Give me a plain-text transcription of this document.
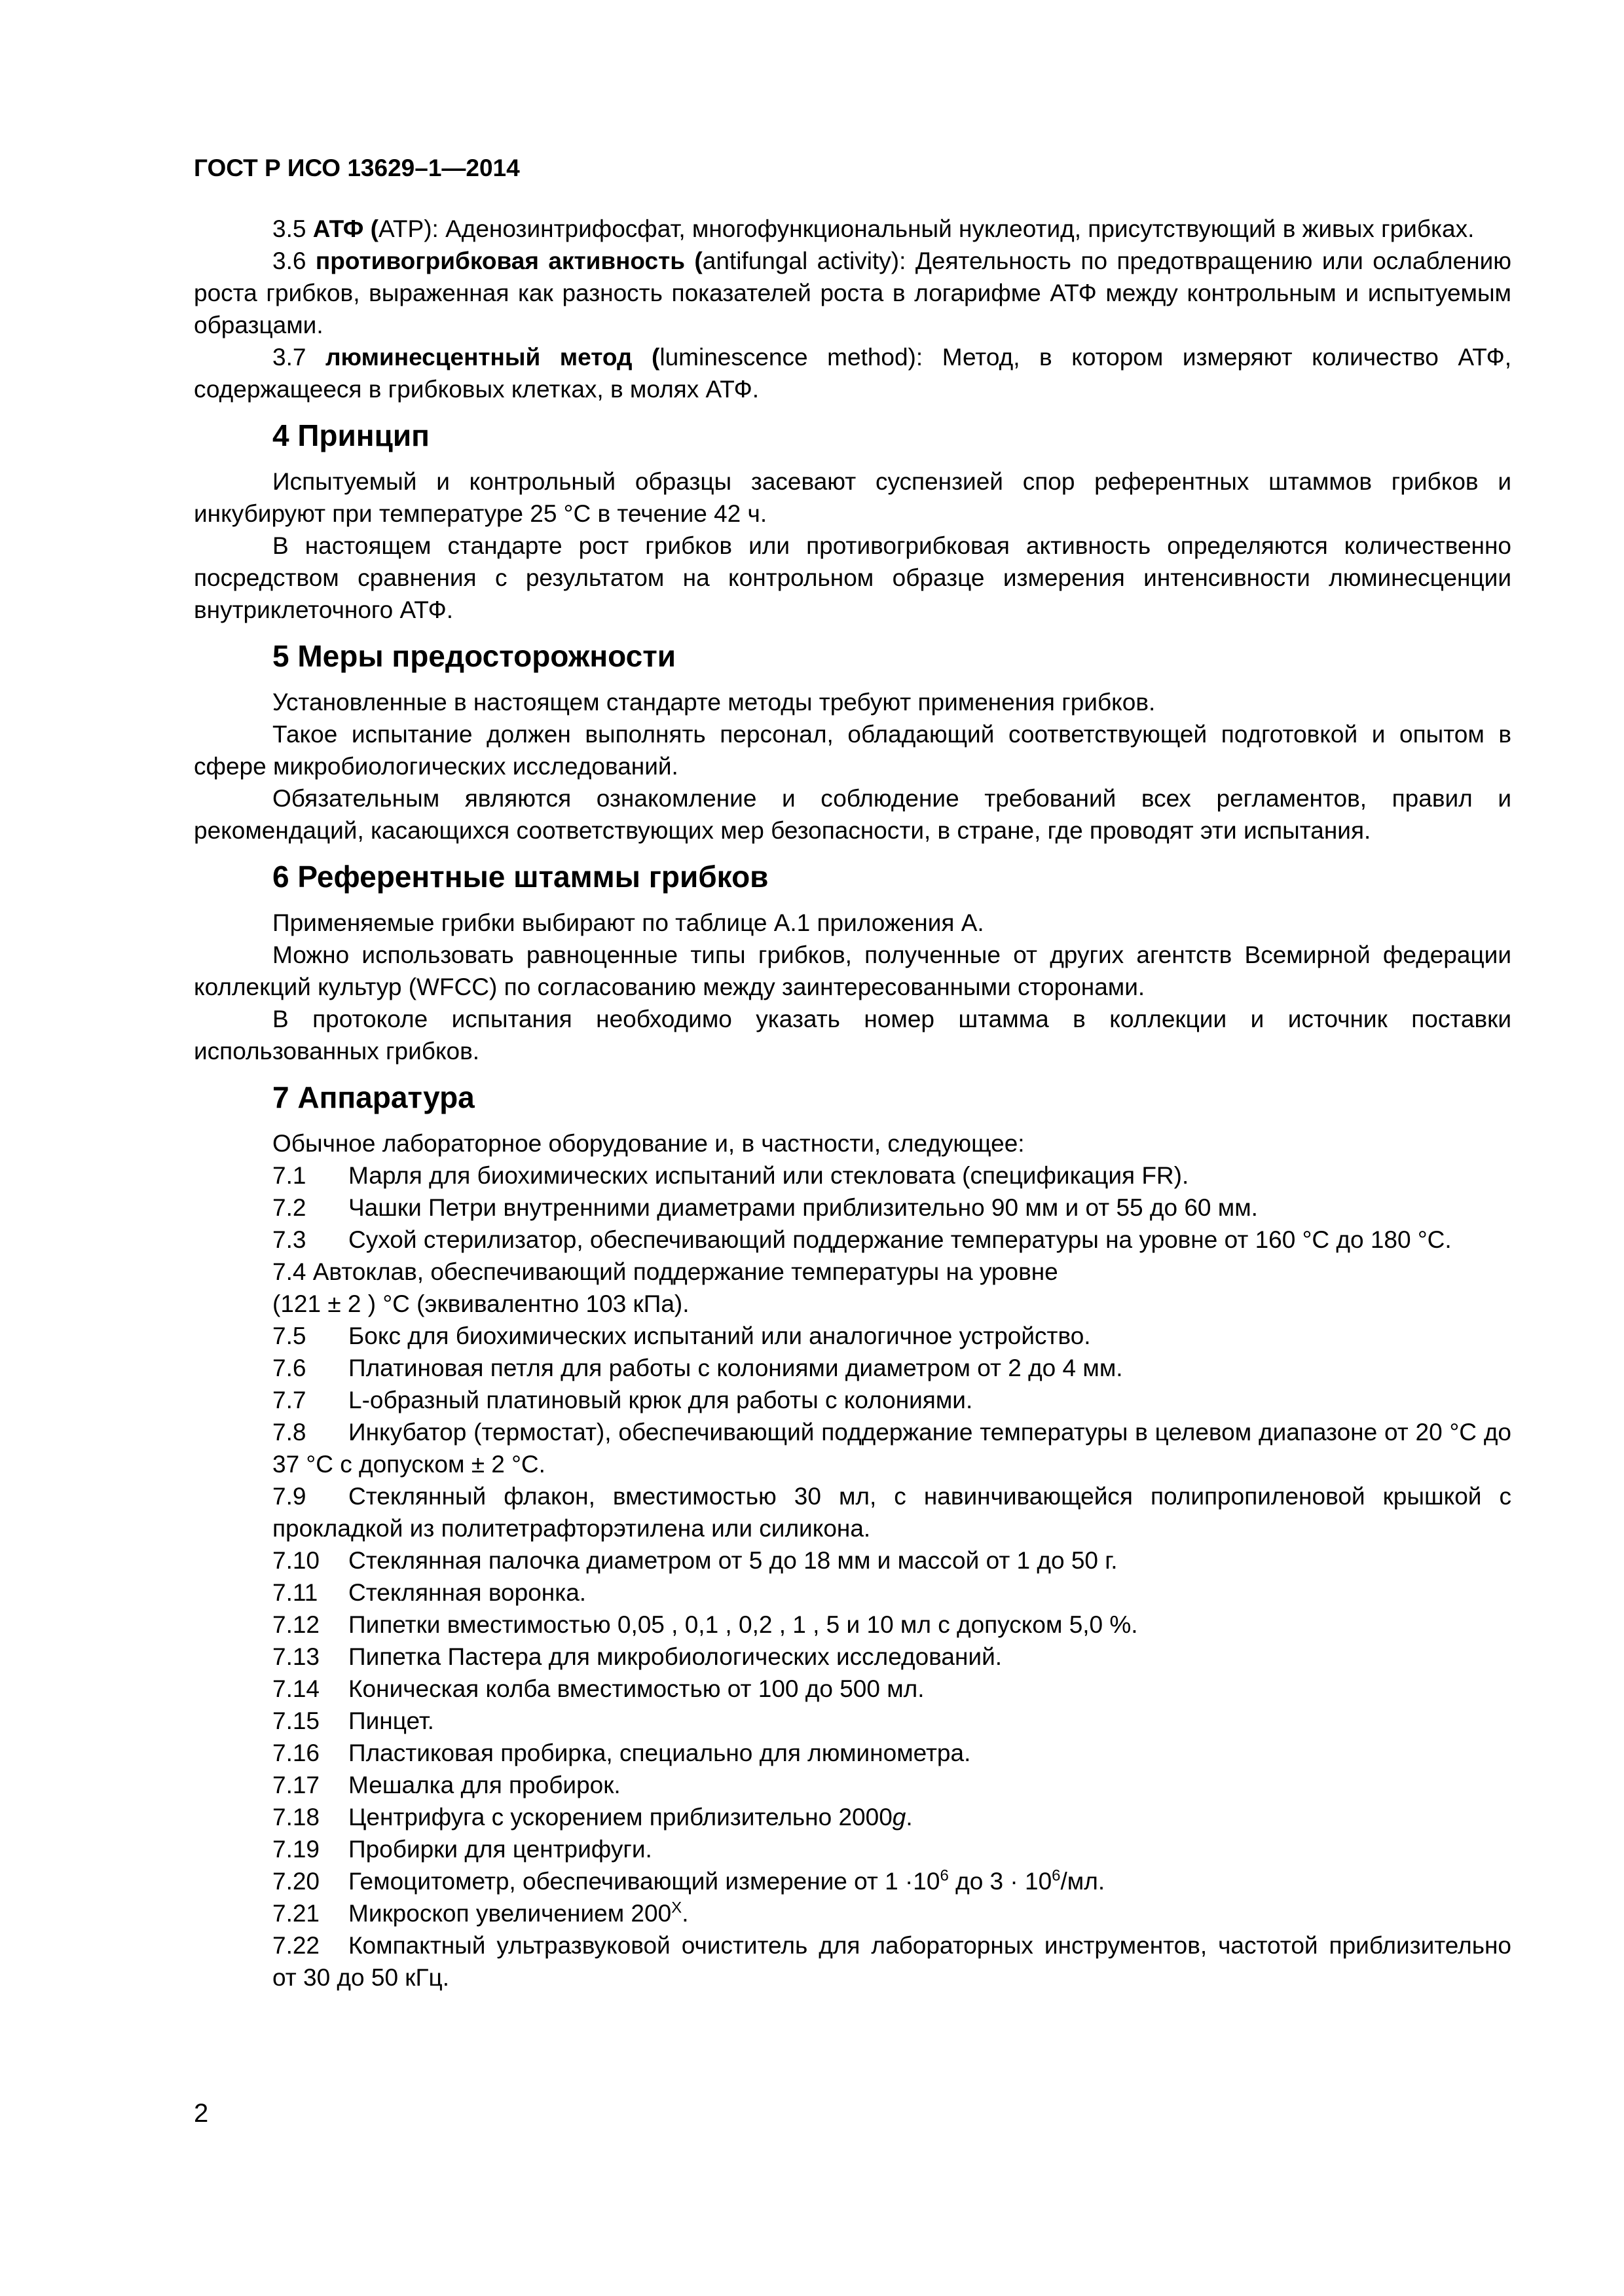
ГОСТ Р ИСО 13629–1—2014

3.5 АТФ (ATP): Аденозинтрифосфат, многофункциональный нуклеотид, присутствующий в живых грибках.

3.6 противогрибковая активность (antifungal activity): Деятельность по предотвращению или ослаблению роста грибков, выраженная как разность показателей роста в логарифме АТФ между контрольным и испытуемым образцами.

3.7 люминесцентный метод (luminescence method): Метод, в котором измеряют количество АТФ, содержащееся в грибковых клетках, в молях АТФ.

4 Принцип

Испытуемый и контрольный образцы засевают суспензией спор референтных штаммов грибков и инкубируют при температуре 25 °С в течение 42 ч.

В настоящем стандарте рост грибков или противогрибковая активность определяются количественно посредством сравнения с результатом на контрольном образце измерения интенсивности люминесценции внутриклеточного АТФ.

5 Меры предосторожности

Установленные в настоящем стандарте методы требуют применения грибков.

Такое испытание должен выполнять персонал, обладающий соответствующей подготовкой и опытом в сфере микробиологических исследований.

Обязательным являются ознакомление и соблюдение требований всех регламентов, правил и рекомендаций, касающихся соответствующих мер безопасности, в стране, где проводят эти испытания.

6 Референтные штаммы грибков

Применяемые грибки выбирают по таблице А.1 приложения А.

Можно использовать равноценные типы грибков, полученные от других агентств Всемирной федерации коллекций культур (WFCC) по согласованию между заинтересованными сторонами.

В протоколе испытания необходимо указать номер штамма в коллекции и источник поставки использованных грибков.

7 Аппаратура

Обычное лабораторное оборудование и, в частности, следующее:

7.1	Марля для биохимических испытаний или стекловата (спецификация FR).
7.2	Чашки Петри внутренними диаметрами приблизительно 90 мм и от 55 до 60 мм.

7.3 Сухой стерилизатор, обеспечивающий поддержание температуры на уровне от 160 °С до 180 °С.

7.4 Автоклав, обеспечивающий поддержание температуры на уровне

(121 ± 2 ) °С (эквивалентно 103 кПа).

7.5	Бокс для биохимических испытаний или аналогичное устройство.
7.6	Платиновая петля для работы с колониями диаметром от 2 до 4 мм.
7.7	L-образный платиновый крюк для работы с колониями.

7.8 Инкубатор (термостат), обеспечивающий поддержание температуры в целевом диапазоне от 20 °С до 37 °С с допуском ± 2 °С.

7.9 Стеклянный флакон, вместимостью 30 мл, с навинчивающейся полипропиленовой крышкой с прокладкой из политетрафторэтилена или силикона.

7.10	Стеклянная палочка диаметром от 5 до 18 мм и массой от 1 до 50 г.
7.11	Стеклянная воронка.
7.12	Пипетки вместимостью 0,05 , 0,1 , 0,2 , 1 , 5 и 10 мл с допуском 5,0 %.
7.13	Пипетка Пастера для микробиологических исследований.
7.14	Коническая колба вместимостью от 100 до 500 мл.
7.15	Пинцет.
7.16	Пластиковая пробирка, специально для люминометра.
7.17	Мешалка для пробирок.
7.18	Центрифуга с ускорением приблизительно 2000g.
7.19	Пробирки для центрифуги.
7.20	Гемоцитометр, обеспечивающий измерение от $1 \cdot 10^6$ до $3 \cdot 10^6/мл$.
7.21	Микроскоп увеличением $200^X$.

7.22 Компактный ультразвуковой очиститель для лабораторных инструментов, частотой приблизительно от 30 до 50 кГц.

2
